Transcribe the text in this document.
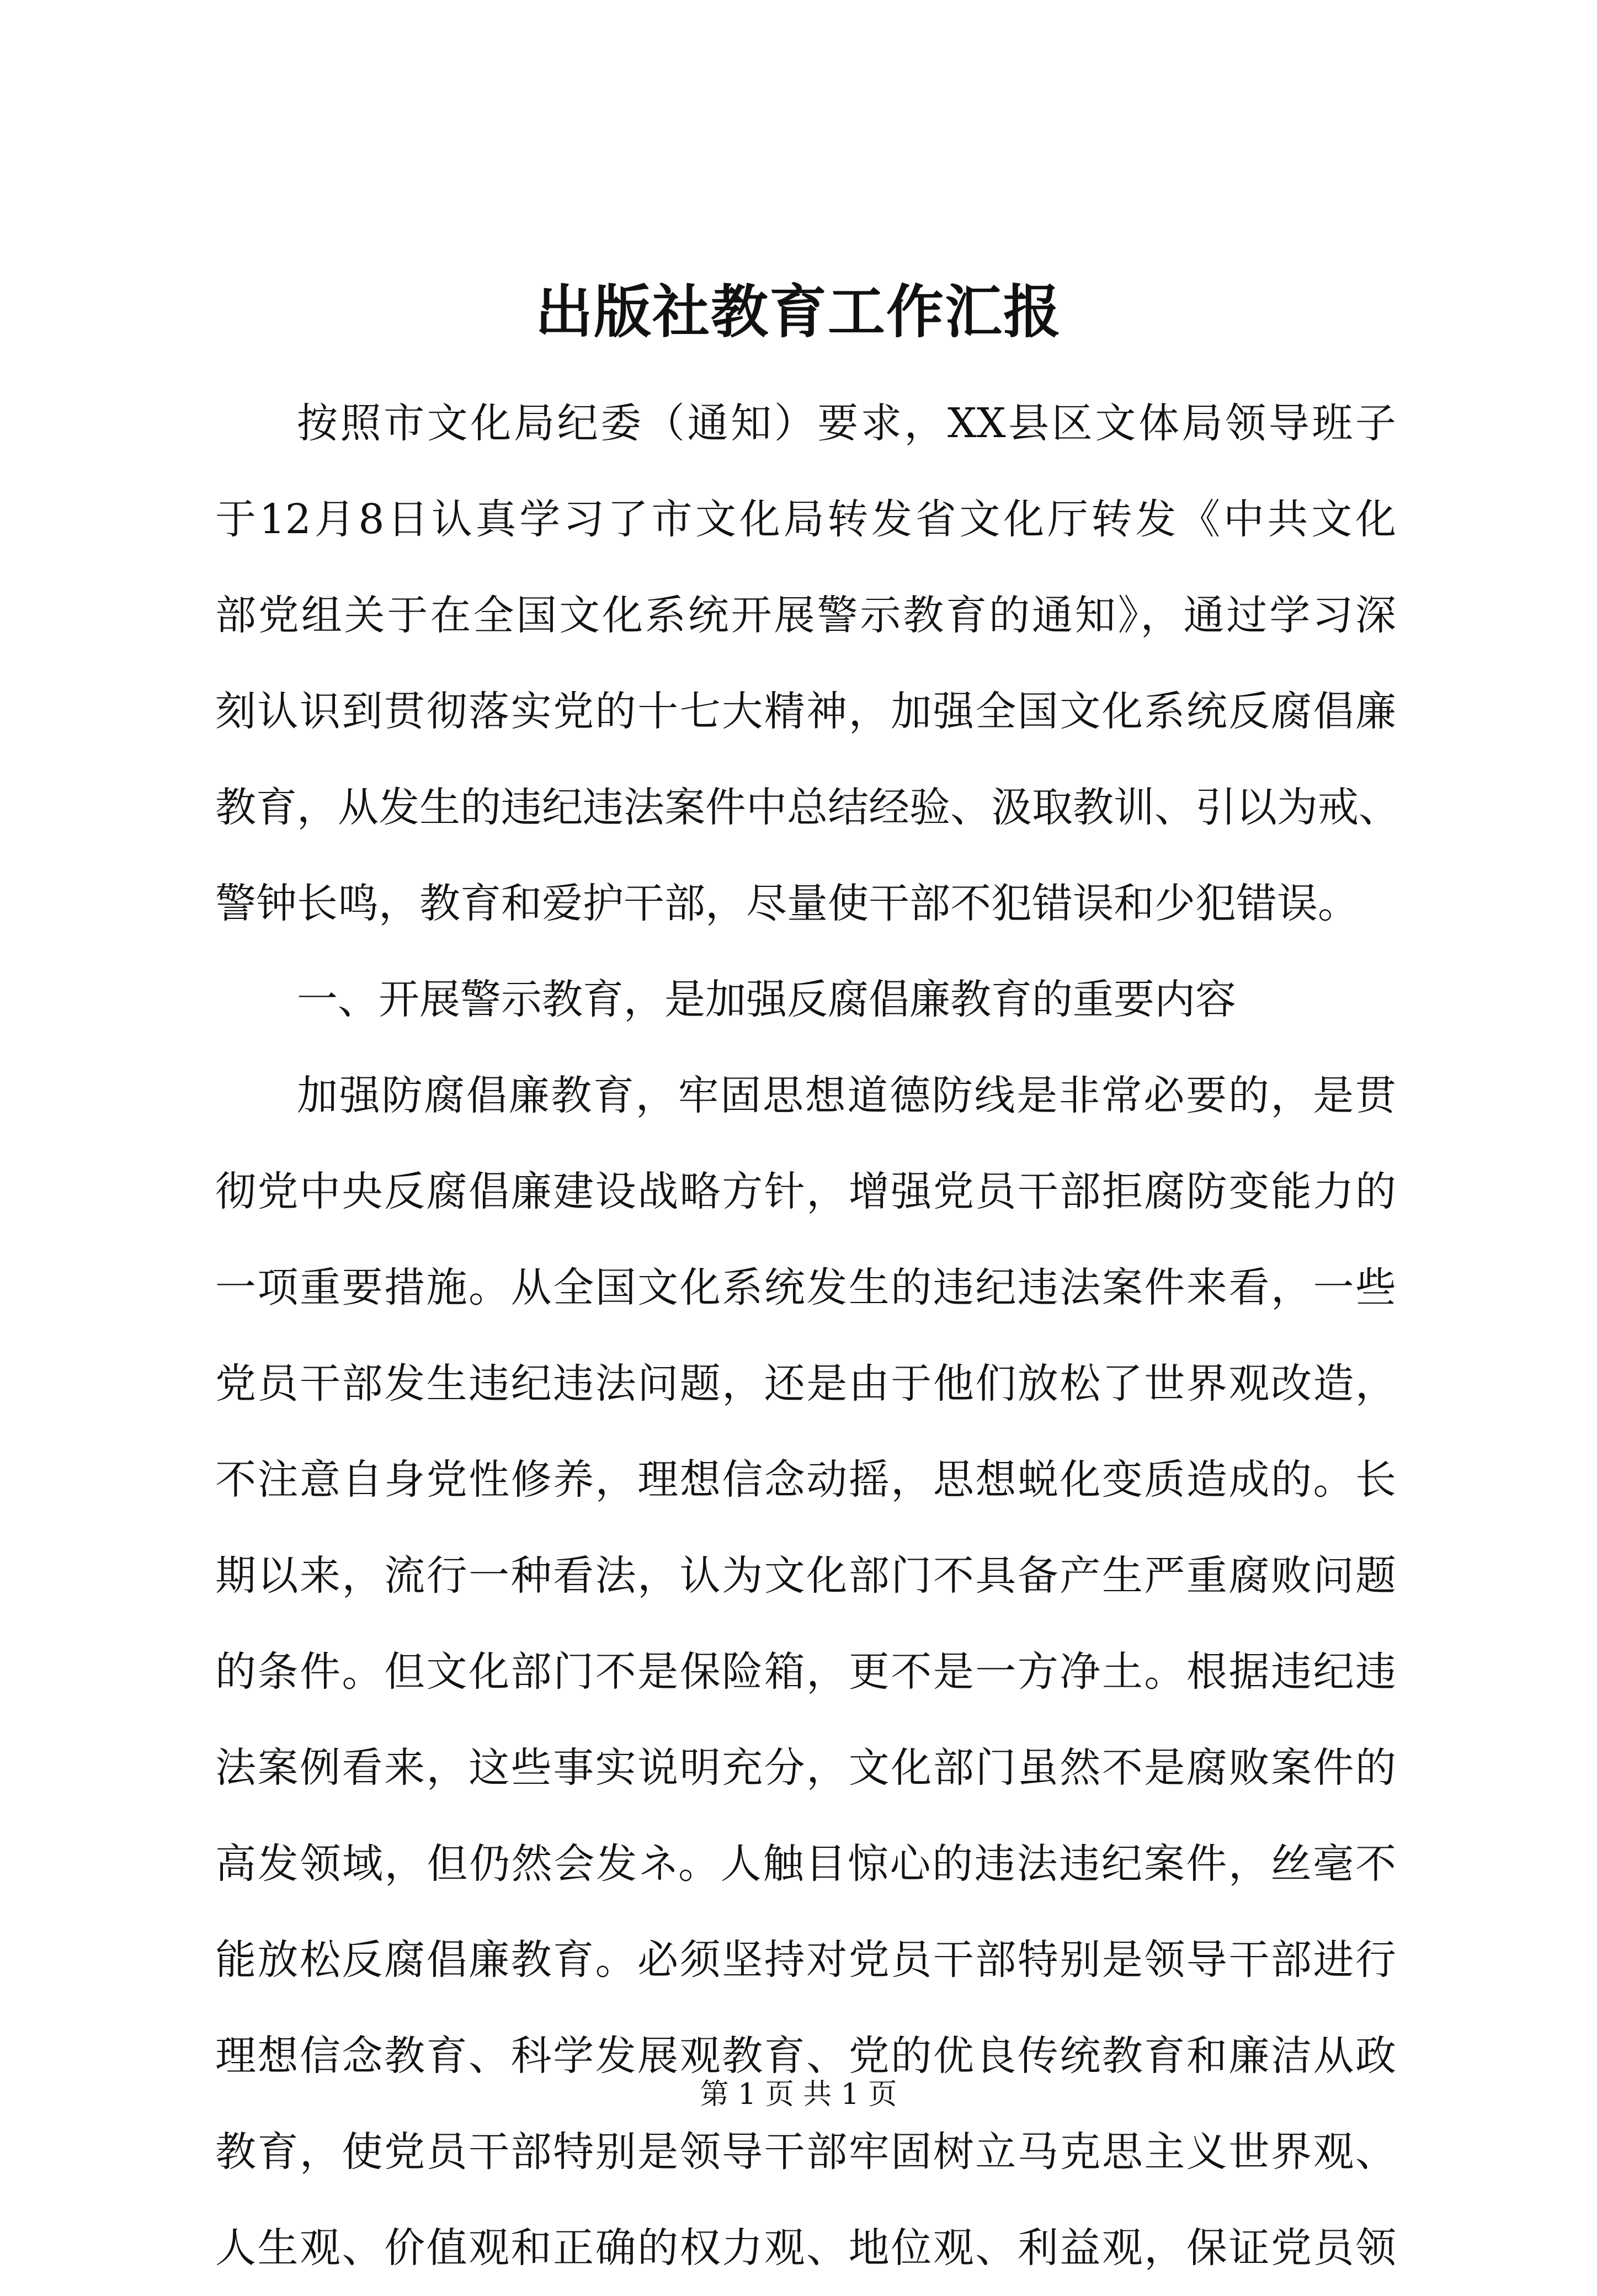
出版社教育工作汇报
按照市文化局纪委（通知）要求，XX县区文体局领导班子
于12月8日认真学习了市文化局转发省文化厅转发《中共文化
部党组关于在全国文化系统开展警示教育的通知》，通过学习深
刻认识到贯彻落实党的十七大精神，加强全国文化系统反腐倡廉
教育，从发生的违纪违法案件中总结经验、汲取教训、引以为戒、
警钟长鸣，教育和爱护干部，尽量使干部不犯错误和少犯错误。
一、开展警示教育，是加强反腐倡廉教育的重要内容
加强防腐倡廉教育，牢固思想道德防线是非常必要的，是贯
彻党中央反腐倡廉建设战略方针，增强党员干部拒腐防变能力的
一项重要措施。从全国文化系统发生的违纪违法案件来看，一些
党员干部发生违纪违法问题，还是由于他们放松了世界观改造，
不注意自身党性修养，理想信念动摇，思想蜕化变质造成的。长
期以来，流行一种看法，认为文化部门不具备产生严重腐败问题
的条件。但文化部门不是保险箱，更不是一方净土。根据违纪违
法案例看来，这些事实说明充分，文化部门虽然不是腐败案件的
高发领域，但仍然会发ネ。人触目惊心的违法违纪案件，丝毫不
能放松反腐倡廉教育。必须坚持对党员干部特别是领导干部进行
理想信念教育、科学发展观教育、党的优良传统教育和廉洁从政
教育，使党员干部特别是领导干部牢固树立马克思主义世界观、
人生观、价值观和正确的权力观、地位观、利益观，保证党员领
第 1 页 共 1 页
